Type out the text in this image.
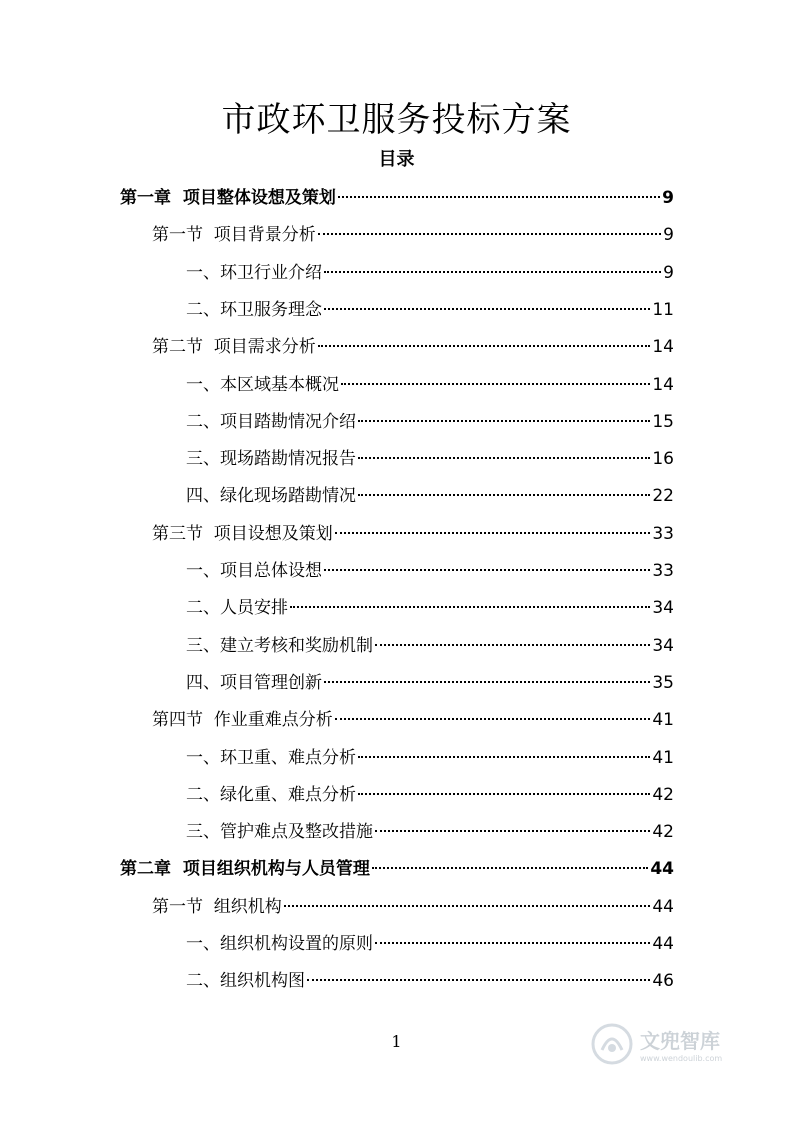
市政环卫服务投标方案
目录
第一章  项目整体设想及策划	9
第一节  项目背景分析	9
一、环卫行业介绍	9
二、环卫服务理念	11
第二节  项目需求分析	14
一、本区域基本概况	14
二、项目踏勘情况介绍	15
三、现场踏勘情况报告	16
四、绿化现场踏勘情况	22
第三节  项目设想及策划	33
一、项目总体设想	33
二、人员安排	34
三、建立考核和奖励机制	34
四、项目管理创新	35
第四节  作业重难点分析	41
一、环卫重、难点分析	41
二、绿化重、难点分析	42
三、管护难点及整改措施	42
第二章  项目组织机构与人员管理	44
第一节  组织机构	44
一、组织机构设置的原则	44
二、组织机构图	46
1	文兜智库
www.wendoulib.com
